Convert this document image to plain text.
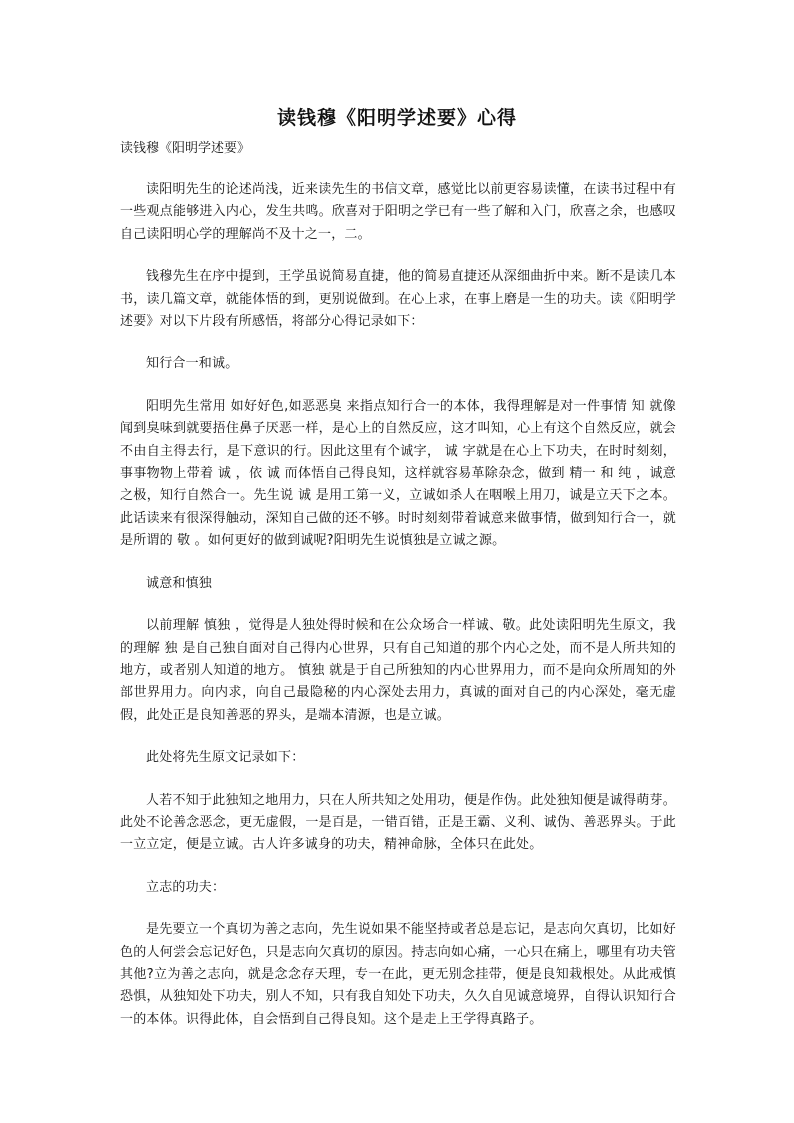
读钱穆《阳明学述要》心得

读钱穆《阳明学述要》

读阳明先生的论述尚浅，近来读先生的书信文章，感觉比以前更容易读懂，在读书过程中有一些观点能够进入内心，发生共鸣。欣喜对于阳明之学已有一些了解和入门，欣喜之余，也感叹自己读阳明心学的理解尚不及十之一，二。

钱穆先生在序中提到，王学虽说简易直捷，他的简易直捷还从深细曲折中来。断不是读几本书，读几篇文章，就能体悟的到，更别说做到。在心上求，在事上磨是一生的功夫。读《阳明学述要》对以下片段有所感悟，将部分心得记录如下：

知行合一和诚。

阳明先生常用 如好好色,如恶恶臭 来指点知行合一的本体，我得理解是对一件事情 知 就像闻到臭味到就要捂住鼻子厌恶一样，是心上的自然反应，这才叫知，心上有这个自然反应，就会不由自主得去行，是下意识的行。因此这里有个诚字， 诚 字就是在心上下功夫，在时时刻刻，事事物物上带着 诚 ，依 诚 而体悟自己得良知，这样就容易革除杂念，做到 精一 和 纯 ，诚意之极，知行自然合一。先生说 诚 是用工第一义，立诚如杀人在咽喉上用刀，诚是立天下之本。此话读来有很深得触动，深知自己做的还不够。时时刻刻带着诚意来做事情，做到知行合一，就是所谓的 敬 。如何更好的做到诚呢?阳明先生说慎独是立诚之源。

诚意和慎独

以前理解 慎独 ，觉得是人独处得时候和在公众场合一样诚、敬。此处读阳明先生原文，我的理解 独 是自己独自面对自己得内心世界，只有自己知道的那个内心之处，而不是人所共知的地方，或者别人知道的地方。 慎独 就是于自己所独知的内心世界用力，而不是向众所周知的外部世界用力。向内求，向自己最隐秘的内心深处去用力，真诚的面对自己的内心深处，毫无虚假，此处正是良知善恶的界头，是端本清源，也是立诚。

此处将先生原文记录如下：

人若不知于此独知之地用力，只在人所共知之处用功，便是作伪。此处独知便是诚得萌芽。此处不论善念恶念，更无虚假，一是百是，一错百错，正是王霸、义利、诚伪、善恶界头。于此一立立定，便是立诚。古人许多诚身的功夫，精神命脉，全体只在此处。

立志的功夫：

是先要立一个真切为善之志向，先生说如果不能坚持或者总是忘记，是志向欠真切，比如好色的人何尝会忘记好色，只是志向欠真切的原因。持志向如心痛，一心只在痛上，哪里有功夫管其他?立为善之志向，就是念念存天理，专一在此，更无别念挂带，便是良知栽根处。从此戒慎恐惧，从独知处下功夫，别人不知，只有我自知处下功夫，久久自见诚意境界，自得认识知行合一的本体。识得此体，自会悟到自己得良知。这个是走上王学得真路子。
